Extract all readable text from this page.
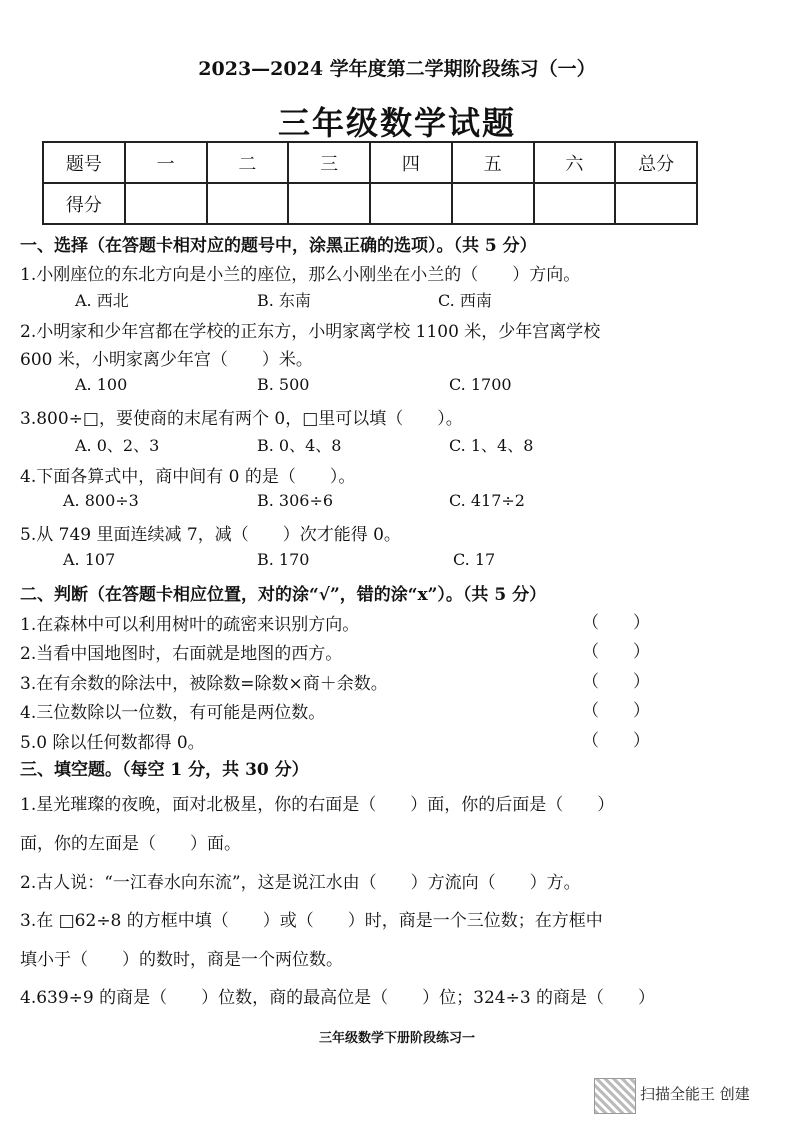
2023—2024 学年度第二学期阶段练习（一）
三年级数学试题
题号	一	二	三	四	五	六	总分
得分							
一、选择（在答题卡相对应的题号中，涂黑正确的选项）。（共 5 分）
1.小刚座位的东北方向是小兰的座位，那么小刚坐在小兰的（　　）方向。
A. 西北	B. 东南	C. 西南
2.小明家和少年宫都在学校的正东方，小明家离学校 1100 米，少年宫离学校
600 米，小明家离少年宫（　　）米。
A. 100	B. 500	C. 1700
3.800÷□，要使商的末尾有两个 0，□里可以填（　　）。
A. 0、2、3	B. 0、4、8	C. 1、4、8
4.下面各算式中，商中间有 0 的是（　　）。
A. 800÷3	B. 306÷6	C. 417÷2
5.从 749 里面连续减 7，减（　　）次才能得 0。
A. 107	B. 170	C. 17
二、判断（在答题卡相应位置，对的涂“√”，错的涂“x”）。（共 5 分）
1.在森林中可以利用树叶的疏密来识别方向。	（　　）
2.当看中国地图时，右面就是地图的西方。	（　　）
3.在有余数的除法中，被除数=除数×商＋余数。	（　　）
4.三位数除以一位数，有可能是两位数。	（　　）
5.0 除以任何数都得 0。	（　　）
三、填空题。（每空 1 分，共 30 分）
1.星光璀璨的夜晚，面对北极星，你的右面是（　　）面，你的后面是（　　）
面，你的左面是（　　）面。
2.古人说：“一江春水向东流”，这是说江水由（　　）方流向（　　）方。
3.在 □62÷8 的方框中填（　　）或（　　）时，商是一个三位数；在方框中
填小于（　　）的数时，商是一个两位数。
4.639÷9 的商是（　　）位数，商的最高位是（　　）位；324÷3 的商是（　　）
三年级数学下册阶段练习一
扫描全能王 创建
